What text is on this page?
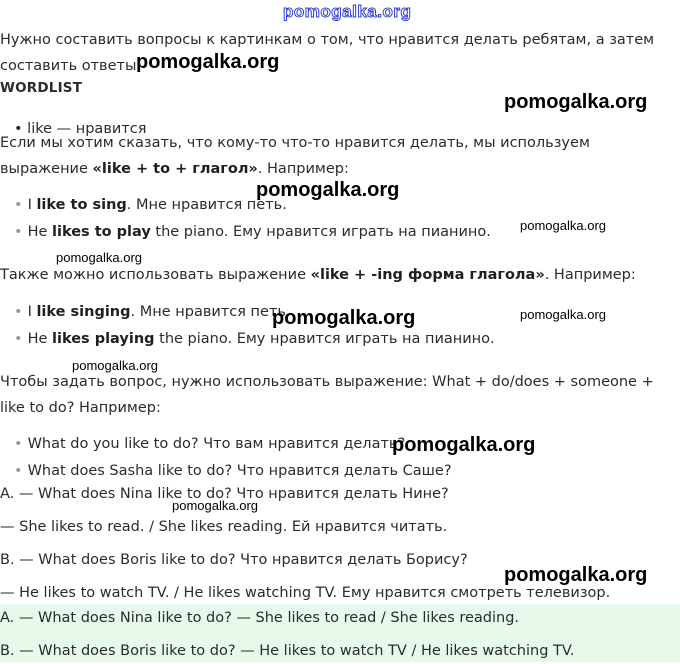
pomogalka.org
Нужно составить вопросы к картинкам о том, что нравится делать ребятам, а затем составить ответы.
WORDLIST
• like — нравится
Если мы хотим сказать, что кому-то что-то нравится делать, мы используем выражение «like + to + глагол». Например:
• I like to sing. Мне нравится петь.
• He likes to play the piano. Ему нравится играть на пианино.
Также можно использовать выражение «like + -ing форма глагола». Например:
• I like singing. Мне нравится петь.
• He likes playing the piano. Ему нравится играть на пианино.
Чтобы задать вопрос, нужно использовать выражение: What + do/does + someone + like to do? Например:
• What do you like to do? Что вам нравится делать?
• What does Sasha like to do? Что нравится делать Саше?
A. — What does Nina like to do? Что нравится делать Нине?
— She likes to read. / She likes reading. Ей нравится читать.
B. — What does Boris like to do? Что нравится делать Борису?
— He likes to watch TV. / He likes watching TV. Ему нравится смотреть телевизор.
A. — What does Nina like to do? — She likes to read / She likes reading.
B. — What does Boris like to do? — He likes to watch TV / He likes watching TV.
pomogalka.org
pomogalka.org
pomogalka.org
pomogalka.org
pomogalka.org
pomogalka.org	pomogalka.org
pomogalka.org
pomogalka.org
pomogalka.org
pomogalka.org
